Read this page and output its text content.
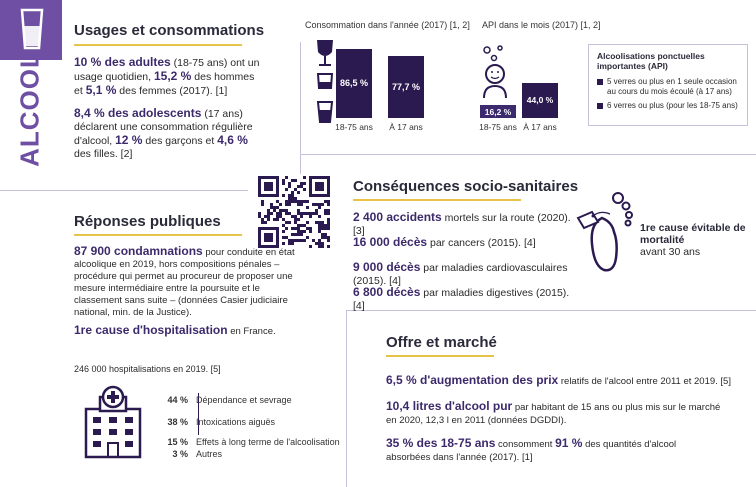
ALCOOL
Usages et consommations
10 % des adultes (18-75 ans) ont un usage quotidien, 15,2 % des hommes et 5,1 % des femmes (2017). [1]
8,4 % des adolescents (17 ans) déclarent une consommation régulière d'alcool, 12 % des garçons et 4,6 % des filles. [2]
Consommation dans l'année (2017) [1, 2]
86,5 %
18-75 ans
77,7 %
À 17 ans
API dans le mois (2017) [1, 2]
16,2 %
18-75 ans
44,0 %
À 17 ans
Alcoolisations ponctuelles importantes (API)
5 verres ou plus en 1 seule occasion au cours du mois écoulé (à 17 ans)
6 verres ou plus (pour les 18-75 ans)
Conséquences socio-sanitaires
2 400 accidents mortels sur la route (2020). [3]
16 000 décès par cancers (2015). [4]
9 000 décès par maladies cardiovasculaires (2015). [4]
6 800 décès par maladies digestives (2015). [4]
1re cause évitable de mortalité
avant 30 ans
Réponses publiques
87 900 condamnations pour conduite en état alcoolique en 2019, hors compositions pénales – procédure qui permet au procureur de proposer une mesure intermédiaire entre la poursuite et le classement sans suite – (données Casier judiciaire national, min. de la Justice).
1re cause d'hospitalisation en France.
246 000 hospitalisations en 2019. [5]
44 % Dépendance et sevrage
38 % Intoxications aiguës
15 % Effets à long terme de l'alcoolisation
3 % Autres
Offre et marché
6,5 % d'augmentation des prix relatifs de l'alcool entre 2011 et 2019. [5]
10,4 litres d'alcool pur par habitant de 15 ans ou plus mis sur le marché en 2020, 12,3 l en 2011 (données DGDDI).
35 % des 18-75 ans consomment 91 % des quantités d'alcool absorbées dans l'année (2017). [1]
